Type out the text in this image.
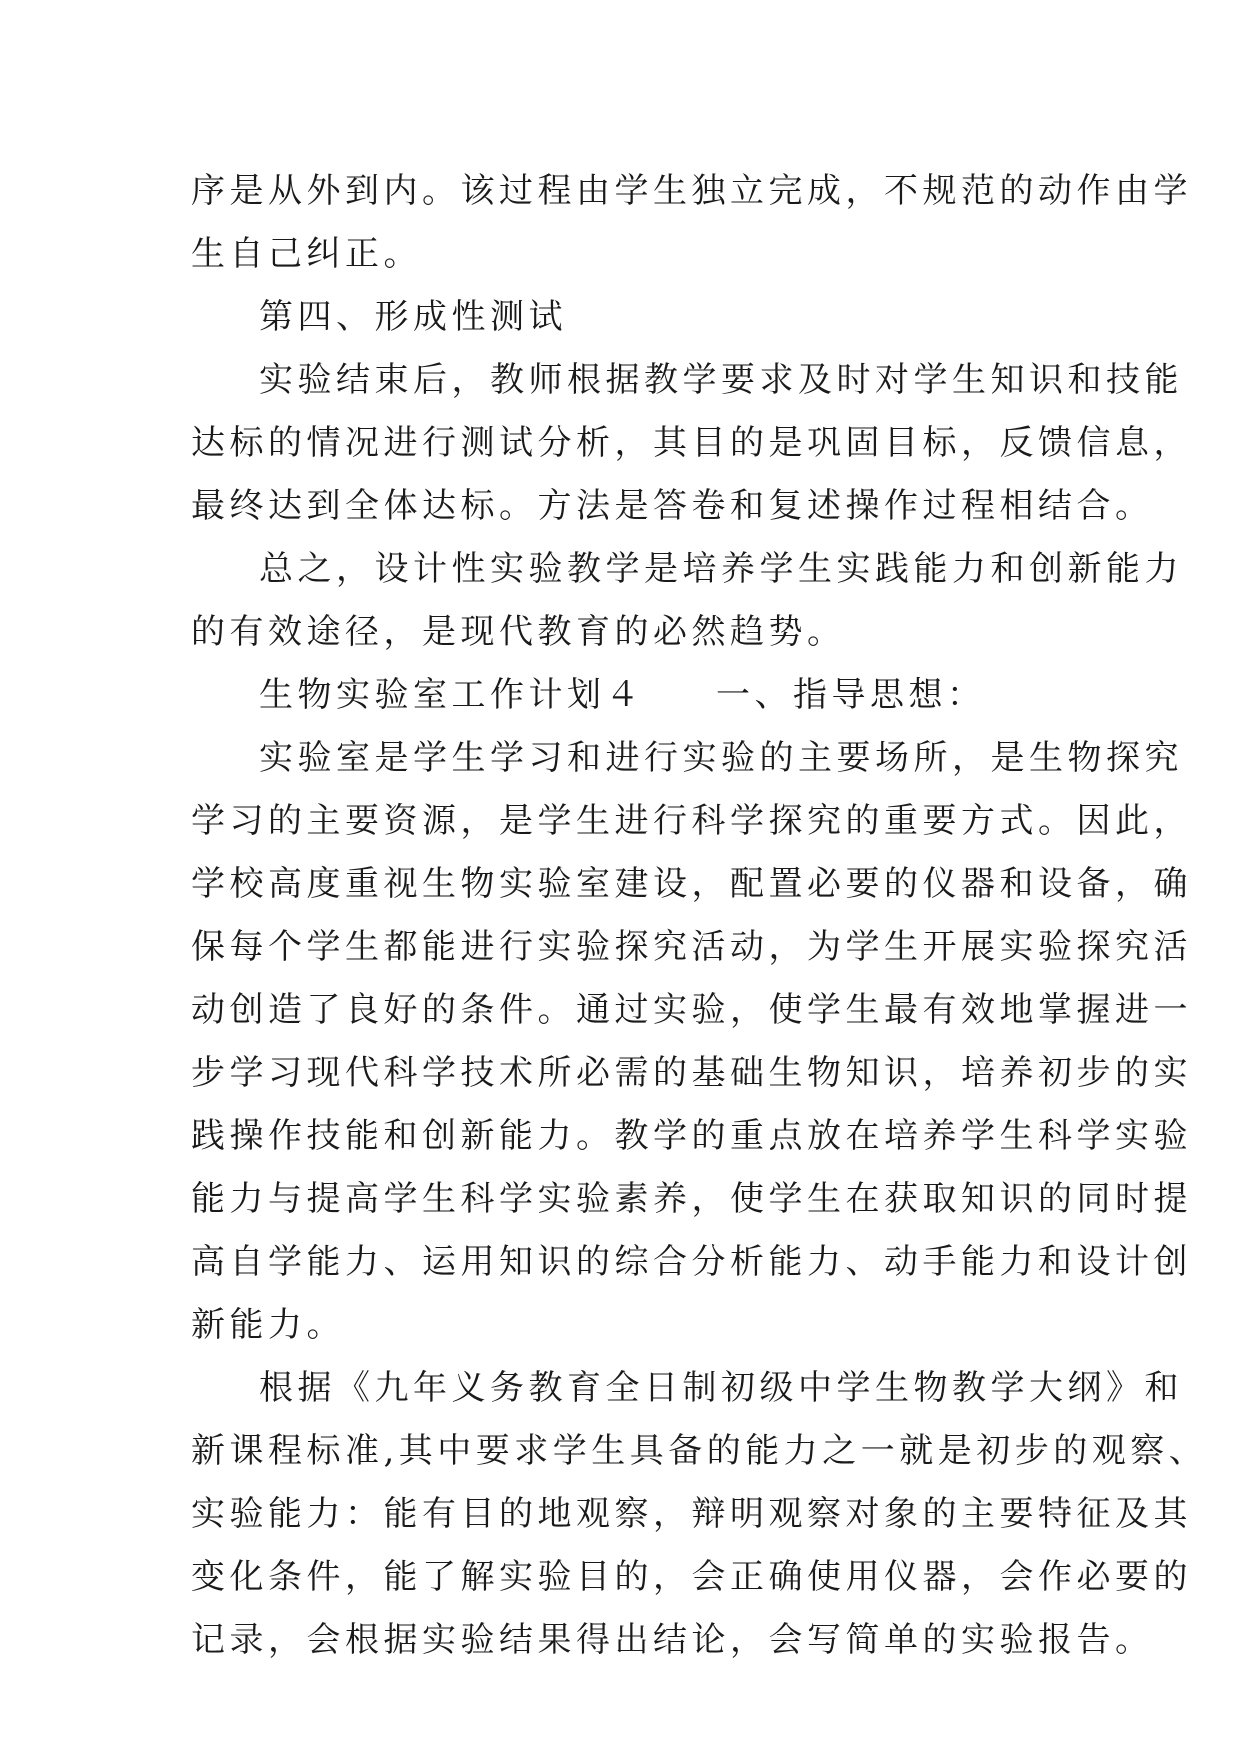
序是从外到内。该过程由学生独立完成，不规范的动作由学
生自己纠正。

第四、形成性测试

实验结束后，教师根据教学要求及时对学生知识和技能
达标的情况进行测试分析，其目的是巩固目标，反馈信息，
最终达到全体达标。方法是答卷和复述操作过程相结合。

总之，设计性实验教学是培养学生实践能力和创新能力
的有效途径，是现代教育的必然趋势。

生物实验室工作计划４ 一、指导思想：

实验室是学生学习和进行实验的主要场所，是生物探究
学习的主要资源，是学生进行科学探究的重要方式。因此，
学校高度重视生物实验室建设，配置必要的仪器和设备，确
保每个学生都能进行实验探究活动，为学生开展实验探究活
动创造了良好的条件。通过实验，使学生最有效地掌握进一
步学习现代科学技术所必需的基础生物知识，培养初步的实
践操作技能和创新能力。教学的重点放在培养学生科学实验
能力与提高学生科学实验素养，使学生在获取知识的同时提
高自学能力、运用知识的综合分析能力、动手能力和设计创
新能力。

根据《九年义务教育全日制初级中学生物教学大纲》和
新课程标准,其中要求学生具备的能力之一就是初步的观察、
实验能力：能有目的地观察，辩明观察对象的主要特征及其
变化条件，能了解实验目的，会正确使用仪器，会作必要的
记录，会根据实验结果得出结论，会写简单的实验报告。
